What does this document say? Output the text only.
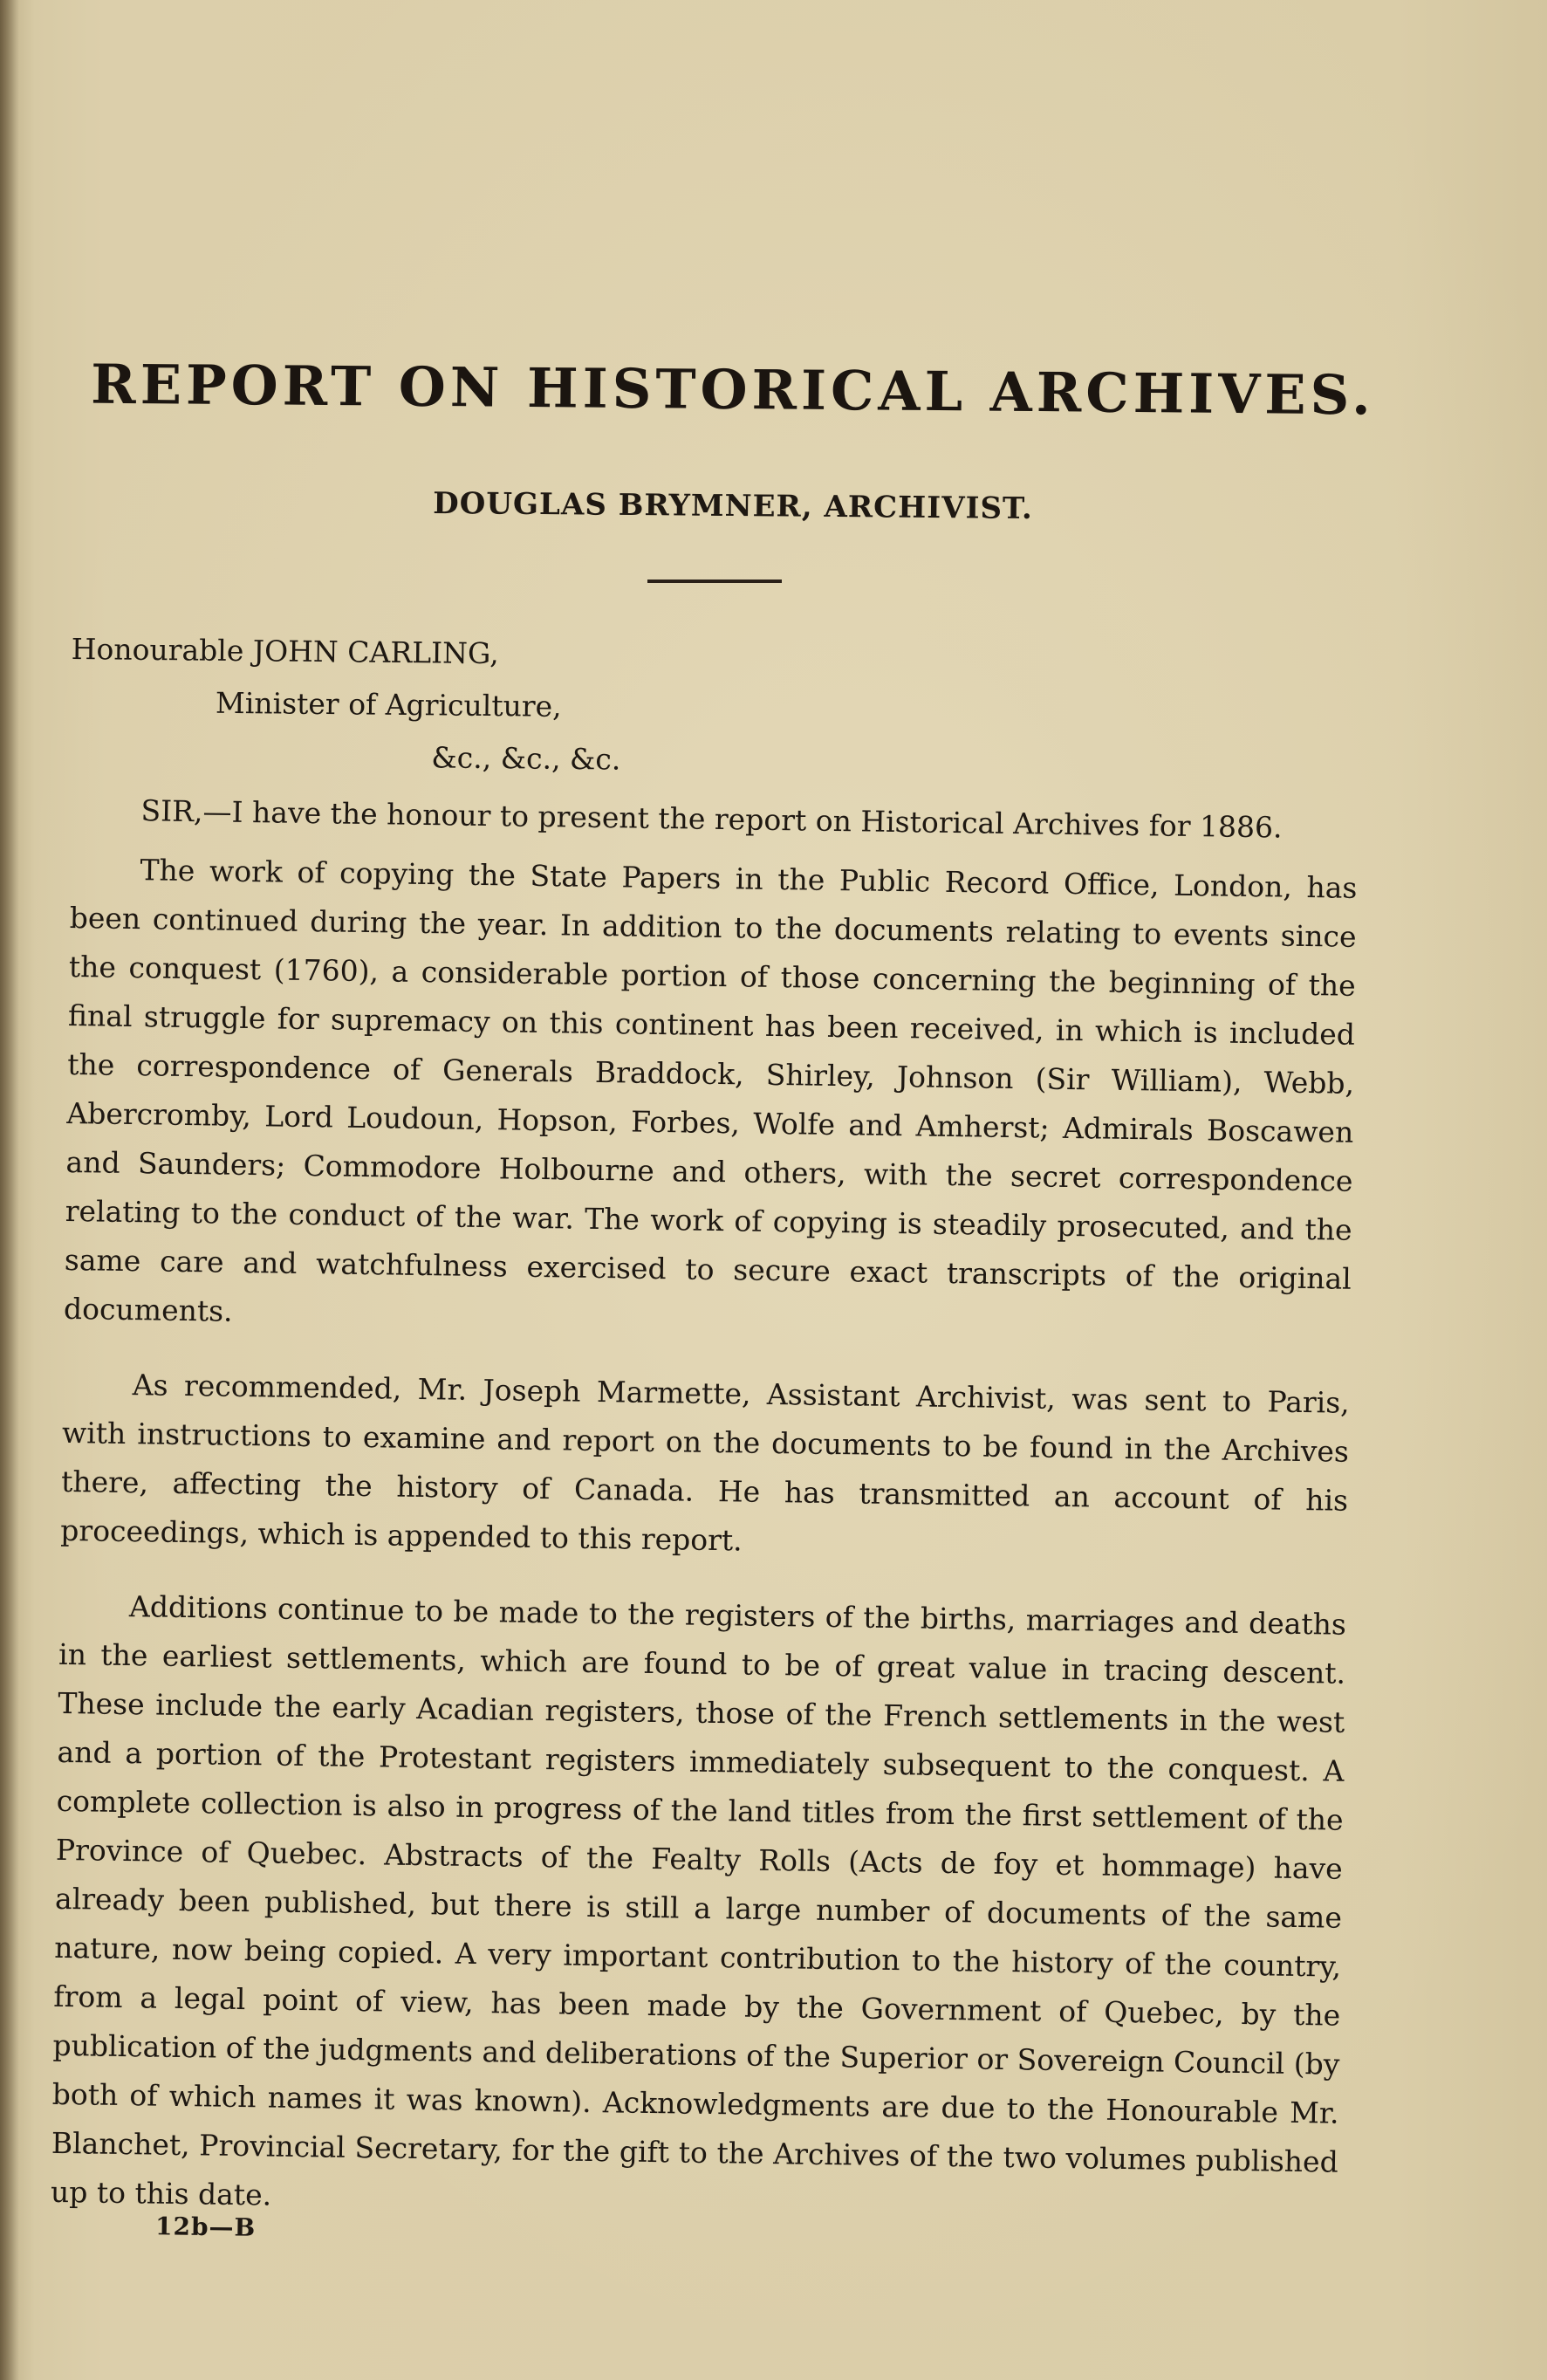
REPORT ON HISTORICAL ARCHIVES.
DOUGLAS BRYMNER, ARCHIVIST.
Honourable JOHN CARLING,
Minister of Agriculture,
&c., &c., &c.

SIR,—I have the honour to present the report on Historical Archives for 1886.

The work of copying the State Papers in the Public Record Office, London, has been continued during the year. In addition to the documents relating to events since the conquest (1760), a considerable portion of those concerning the beginning of the final struggle for supremacy on this continent has been received, in which is included the correspondence of Generals Braddock, Shirley, Johnson (Sir William), Webb, Abercromby, Lord Loudoun, Hopson, Forbes, Wolfe and Amherst; Admirals Boscawen and Saunders; Commodore Holbourne and others, with the secret correspondence relating to the conduct of the war. The work of copying is steadily prosecuted, and the same care and watchfulness exercised to secure exact transcripts of the original documents.

As recommended, Mr. Joseph Marmette, Assistant Archivist, was sent to Paris, with instructions to examine and report on the documents to be found in the Archives there, affecting the history of Canada. He has transmitted an account of his proceedings, which is appended to this report.

Additions continue to be made to the registers of the births, marriages and deaths in the earliest settlements, which are found to be of great value in tracing descent. These include the early Acadian registers, those of the French settlements in the west and a portion of the Protestant registers immediately subsequent to the conquest. A complete collection is also in progress of the land titles from the first settlement of the Province of Quebec. Abstracts of the Fealty Rolls (Acts de foy et hommage) have already been published, but there is still a large number of documents of the same nature, now being copied. A very important contribution to the history of the country, from a legal point of view, has been made by the Government of Quebec, by the publication of the judgments and deliberations of the Superior or Sovereign Council (by both of which names it was known). Acknowledgments are due to the Honourable Mr. Blanchet, Provincial Secretary, for the gift to the Archives of the two volumes published up to this date.

12b—B
